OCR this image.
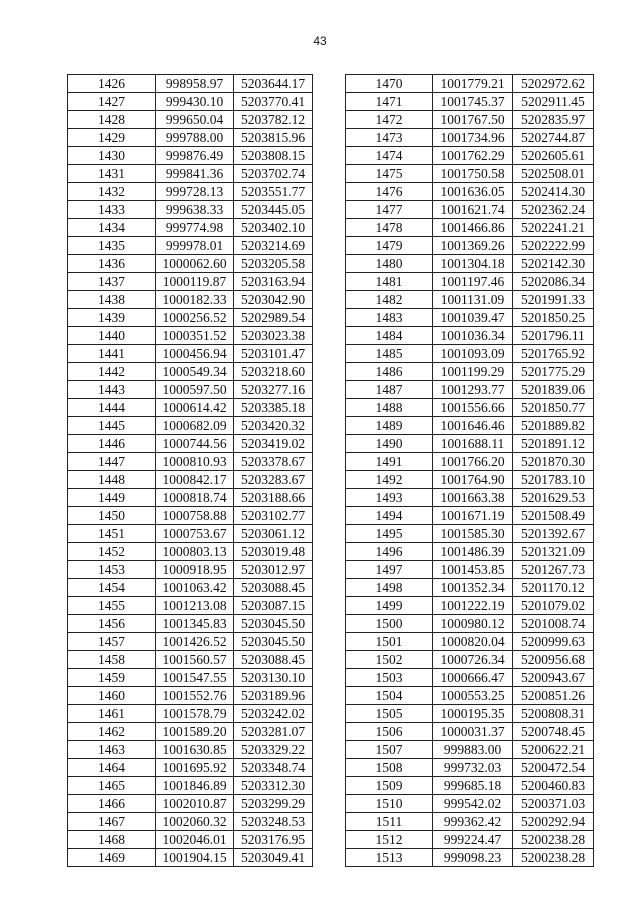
43
1426	998958.97	5203644.17
1427	999430.10	5203770.41
1428	999650.04	5203782.12
1429	999788.00	5203815.96
1430	999876.49	5203808.15
1431	999841.36	5203702.74
1432	999728.13	5203551.77
1433	999638.33	5203445.05
1434	999774.98	5203402.10
1435	999978.01	5203214.69
1436	1000062.60	5203205.58
1437	1000119.87	5203163.94
1438	1000182.33	5203042.90
1439	1000256.52	5202989.54
1440	1000351.52	5203023.38
1441	1000456.94	5203101.47
1442	1000549.34	5203218.60
1443	1000597.50	5203277.16
1444	1000614.42	5203385.18
1445	1000682.09	5203420.32
1446	1000744.56	5203419.02
1447	1000810.93	5203378.67
1448	1000842.17	5203283.67
1449	1000818.74	5203188.66
1450	1000758.88	5203102.77
1451	1000753.67	5203061.12
1452	1000803.13	5203019.48
1453	1000918.95	5203012.97
1454	1001063.42	5203088.45
1455	1001213.08	5203087.15
1456	1001345.83	5203045.50
1457	1001426.52	5203045.50
1458	1001560.57	5203088.45
1459	1001547.55	5203130.10
1460	1001552.76	5203189.96
1461	1001578.79	5203242.02
1462	1001589.20	5203281.07
1463	1001630.85	5203329.22
1464	1001695.92	5203348.74
1465	1001846.89	5203312.30
1466	1002010.87	5203299.29
1467	1002060.32	5203248.53
1468	1002046.01	5203176.95
1469	1001904.15	5203049.41
1470	1001779.21	5202972.62
1471	1001745.37	5202911.45
1472	1001767.50	5202835.97
1473	1001734.96	5202744.87
1474	1001762.29	5202605.61
1475	1001750.58	5202508.01
1476	1001636.05	5202414.30
1477	1001621.74	5202362.24
1478	1001466.86	5202241.21
1479	1001369.26	5202222.99
1480	1001304.18	5202142.30
1481	1001197.46	5202086.34
1482	1001131.09	5201991.33
1483	1001039.47	5201850.25
1484	1001036.34	5201796.11
1485	1001093.09	5201765.92
1486	1001199.29	5201775.29
1487	1001293.77	5201839.06
1488	1001556.66	5201850.77
1489	1001646.46	5201889.82
1490	1001688.11	5201891.12
1491	1001766.20	5201870.30
1492	1001764.90	5201783.10
1493	1001663.38	5201629.53
1494	1001671.19	5201508.49
1495	1001585.30	5201392.67
1496	1001486.39	5201321.09
1497	1001453.85	5201267.73
1498	1001352.34	5201170.12
1499	1001222.19	5201079.02
1500	1000980.12	5201008.74
1501	1000820.04	5200999.63
1502	1000726.34	5200956.68
1503	1000666.47	5200943.67
1504	1000553.25	5200851.26
1505	1000195.35	5200808.31
1506	1000031.37	5200748.45
1507	999883.00	5200622.21
1508	999732.03	5200472.54
1509	999685.18	5200460.83
1510	999542.02	5200371.03
1511	999362.42	5200292.94
1512	999224.47	5200238.28
1513	999098.23	5200238.28
